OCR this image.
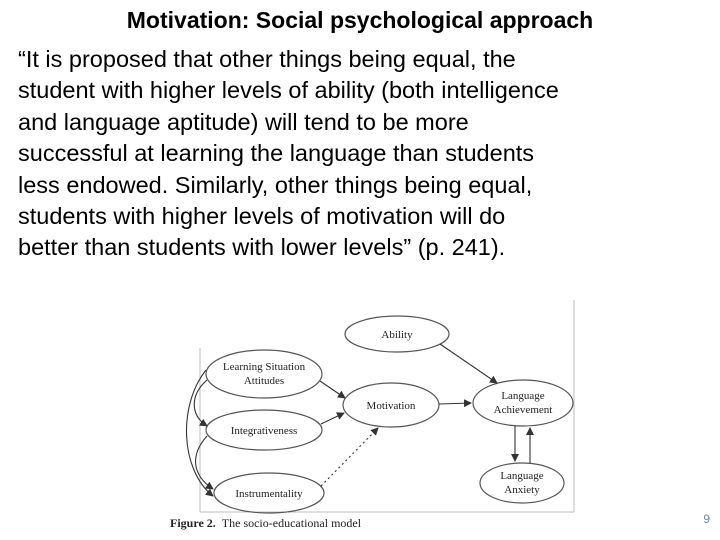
Motivation: Social psychological approach

“It is proposed that other things being equal, the
student with higher levels of ability (both intelligence
and language aptitude) will tend to be more
successful at learning the language than students
less endowed. Similarly, other things being equal,
students with higher levels of motivation will do
better than students with lower levels” (p. 241).

Ability
Learning Situation
Attitudes
Integrativeness
Instrumentality
Motivation
Language
Achievement
Language
Anxiety
Figure 2. The socio-educational model	9
